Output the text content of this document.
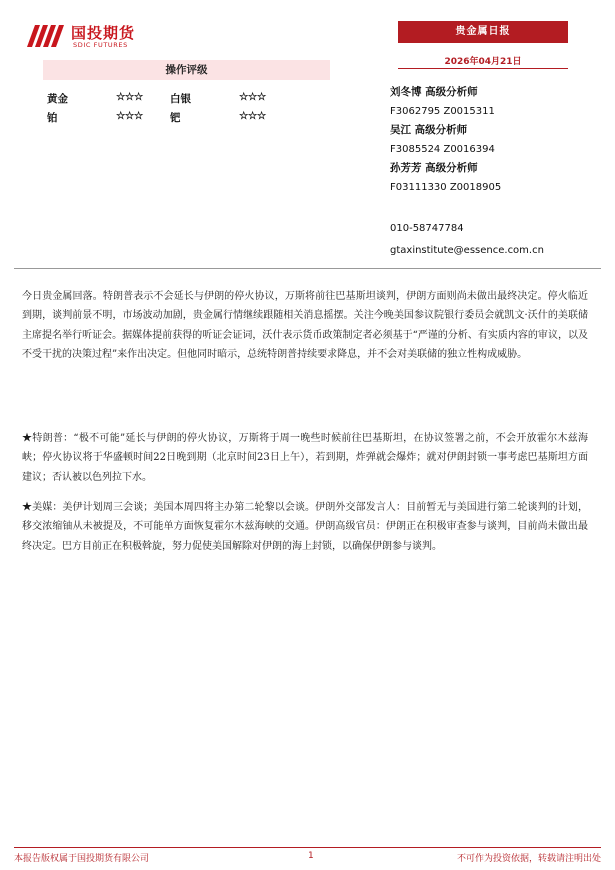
国投期货
SDIC FUTURES
贵金属日报
2026年04月21日
操作评级
黄金	☆☆☆	白银	☆☆☆
铂	☆☆☆	钯	☆☆☆
刘冬博 高级分析师
F3062795 Z0015311
吴江 高级分析师
F3085524 Z0016394
孙芳芳 高级分析师
F03111330 Z0018905
010-58747784
gtaxinstitute@essence.com.cn
今日贵金属回落。特朗普表示不会延长与伊朗的停火协议，万斯将前往巴基斯坦谈判，伊朗方面则尚未做出最终决定。停火临近到期，谈判前景不明，市场波动加剧，贵金属行情继续跟随相关消息摇摆。关注今晚美国参议院银行委员会就凯文·沃什的美联储主席提名举行听证会。据媒体提前获得的听证会证词，沃什表示货币政策制定者必须基于“严谨的分析、有实质内容的审议，以及不受干扰的决策过程”来作出决定。但他同时暗示，总统特朗普持续要求降息，并不会对美联储的独立性构成威胁。
★特朗普：“极不可能”延长与伊朗的停火协议，万斯将于周一晚些时候前往巴基斯坦，在协议签署之前，不会开放霍尔木兹海峡；停火协议将于华盛顿时间22日晚到期（北京时间23日上午），若到期，炸弹就会爆炸；就对伊朗封锁一事考虑巴基斯坦方面建议；否认被以色列拉下水。
★美媒：美伊计划周三会谈；美国本周四将主办第二轮黎以会谈。伊朗外交部发言人：目前暂无与美国进行第二轮谈判的计划，移交浓缩铀从未被提及，不可能单方面恢复霍尔木兹海峡的交通。伊朗高级官员：伊朗正在积极审查参与谈判，目前尚未做出最终决定。巴方目前正在积极斡旋，努力促使美国解除对伊朗的海上封锁，以确保伊朗参与谈判。
本报告版权属于国投期货有限公司	1	不可作为投资依据，转载请注明出处
